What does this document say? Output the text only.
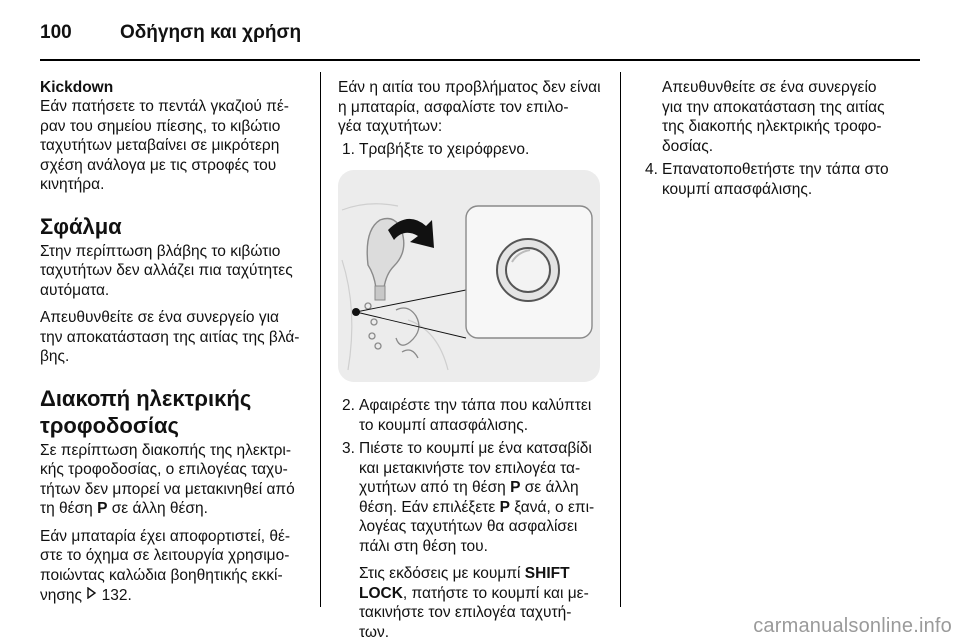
100	Οδήγηση και χρήση

Kickdown

Εάν πατήσετε το πεντάλ γκαζιού πέ-
ραν του σημείου πίεσης, το κιβώτιο
ταχυτήτων μεταβαίνει σε μικρότερη
σχέση ανάλογα με τις στροφές του
κινητήρα.

Σφάλμα

Στην περίπτωση βλάβης το κιβώτιο
ταχυτήτων δεν αλλάζει πια ταχύτητες
αυτόματα.

Απευθυνθείτε σε ένα συνεργείο για
την αποκατάσταση της αιτίας της βλά-
βης.

Διακοπή ηλεκτρικής
τροφοδοσίας

Σε περίπτωση διακοπής της ηλεκτρι-
κής τροφοδοσίας, ο επιλογέας ταχυ-
τήτων δεν μπορεί να μετακινηθεί από
τη θέση P σε άλλη θέση.

Εάν μπαταρία έχει αποφορτιστεί, θέ-
στε το όχημα σε λειτουργία χρησιμο-
ποιώντας καλώδια βοηθητικής εκκί-
νησης  132.

Εάν η αιτία του προβλήματος δεν είναι
η μπαταρία, ασφαλίστε τον επιλο-
γέα ταχυτήτων:

1. Τραβήξτε το χειρόφρενο.
2. Αφαιρέστε την τάπα που καλύπτει
το κουμπί απασφάλισης.
3. Πιέστε το κουμπί με ένα κατσαβίδι
και μετακινήστε τον επιλογέα τα-
χυτήτων από τη θέση P σε άλλη
θέση. Εάν επιλέξετε P ξανά, ο επι-
λογέας ταχυτήτων θα ασφαλίσει
πάλι στη θέση του.
Στις εκδόσεις με κουμπί SHIFT
LOCK, πατήστε το κουμπί και με-
τακινήστε τον επιλογέα ταχυτή-
των.
Απευθυνθείτε σε ένα συνεργείο
για την αποκατάσταση της αιτίας
της διακοπής ηλεκτρικής τροφο-
δοσίας.
4. Επανατοποθετήστε την τάπα στο
κουμπί απασφάλισης.
carmanualsonline.info
